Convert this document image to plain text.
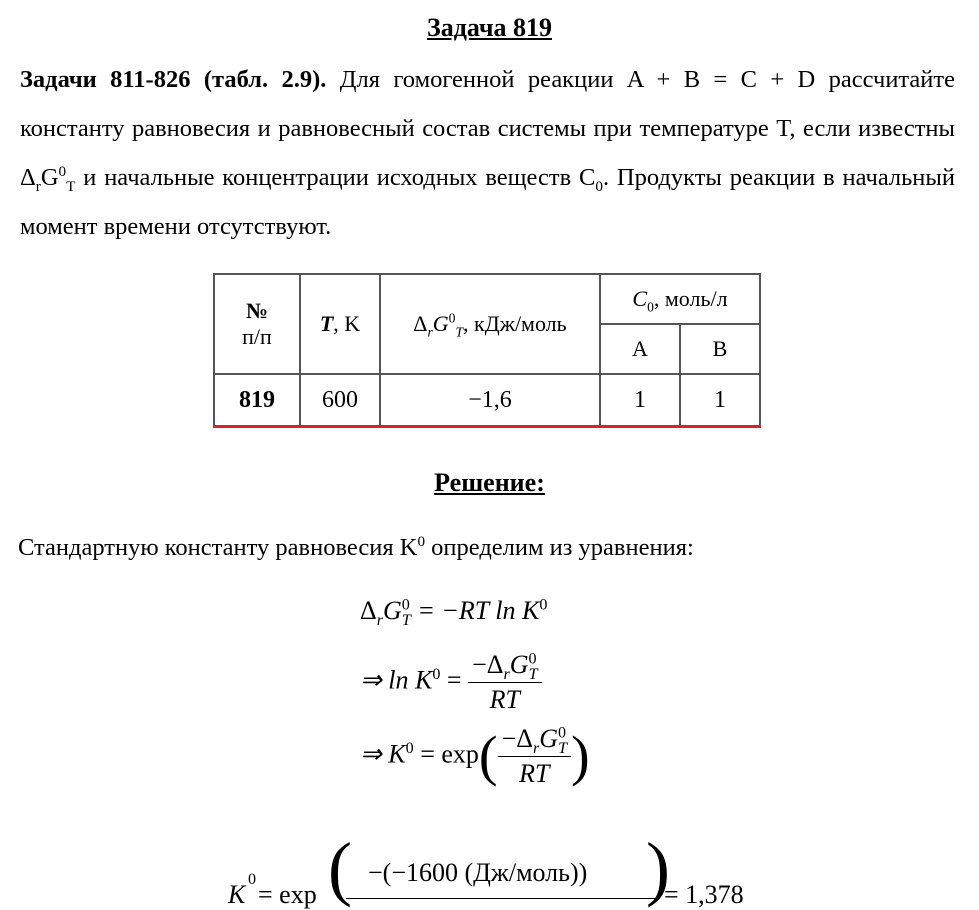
Задача 819

Задачи 811-826 (табл. 2.9). Для гомогенной реакции A + B = C + D рассчитайте константу равновесия и равновесный состав системы при температуре T, если известны $\Delta_rG^0_T$ и начальные концентрации исходных веществ $C_0$. Продукты реакции в начальный момент времени отсутствуют.

№
п/п	T, K	$\Delta_rG^0_T$, кДж/моль	$C_0$, моль/л	
			A	B
819	600	−1,6	1	1
Решение:

Стандартную константу равновесия $K^0$ определим из уравнения:

$\Delta_rG^0_T = -RT$ $\ln K^0$
⇒ $\ln K^0 = \frac{-\Delta_rG^0_T}{RT}$
⇒ $K^0 = \exp( \frac{-\Delta_rG^0_T}{RT}$ )
K
0
= exp ( −(−1600 (Дж/моль)) )
= 1,378
